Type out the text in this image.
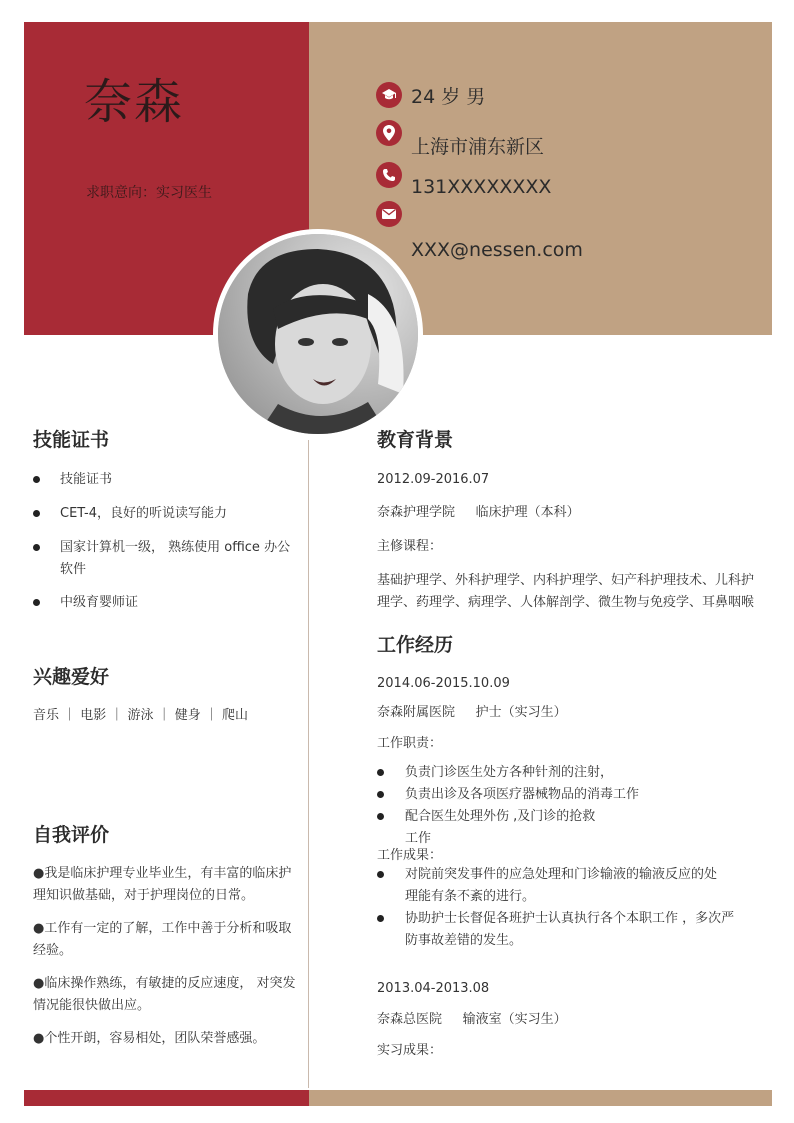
奈森
求职意向：实习医生
24 岁 男
上海市浦东新区
131XXXXXXXX
XXX@nessen.com
技能证书
技能证书
CET-4，良好的听说读写能力
国家计算机一级， 熟练使用 office 办公
软件
中级育婴师证
兴趣爱好
音乐 ｜ 电影 ｜ 游泳 ｜ 健身 ｜ 爬山
自我评价
●我是临床护理专业毕业生，有丰富的临床护
理知识做基础，对于护理岗位的日常。
●工作有一定的了解，工作中善于分析和吸取
经验。
●临床操作熟练，有敏捷的反应速度， 对突发
情况能很快做出应。
●个性开朗，容易相处，团队荣誉感强。
教育背景
2012.09-2016.07
奈森护理学院     临床护理（本科）
主修课程：
基础护理学、外科护理学、内科护理学、妇产科护理技术、儿科护
理学、药理学、病理学、人体解剖学、微生物与免疫学、耳鼻咽喉
工作经历
2014.06-2015.10.09
奈森附属医院     护士（实习生）
工作职责：
负责门诊医生处方各种针剂的注射，
负责出诊及各项医疗器械物品的消毒工作
配合医生处理外伤 ,及门诊的抢救
工作
工作成果：
对院前突发事件的应急处理和门诊输液的输液反应的处
理能有条不紊的进行。
协助护士长督促各班护士认真执行各个本职工作 ，多次严
防事故差错的发生。
2013.04-2013.08
奈森总医院     输液室（实习生）
实习成果：
